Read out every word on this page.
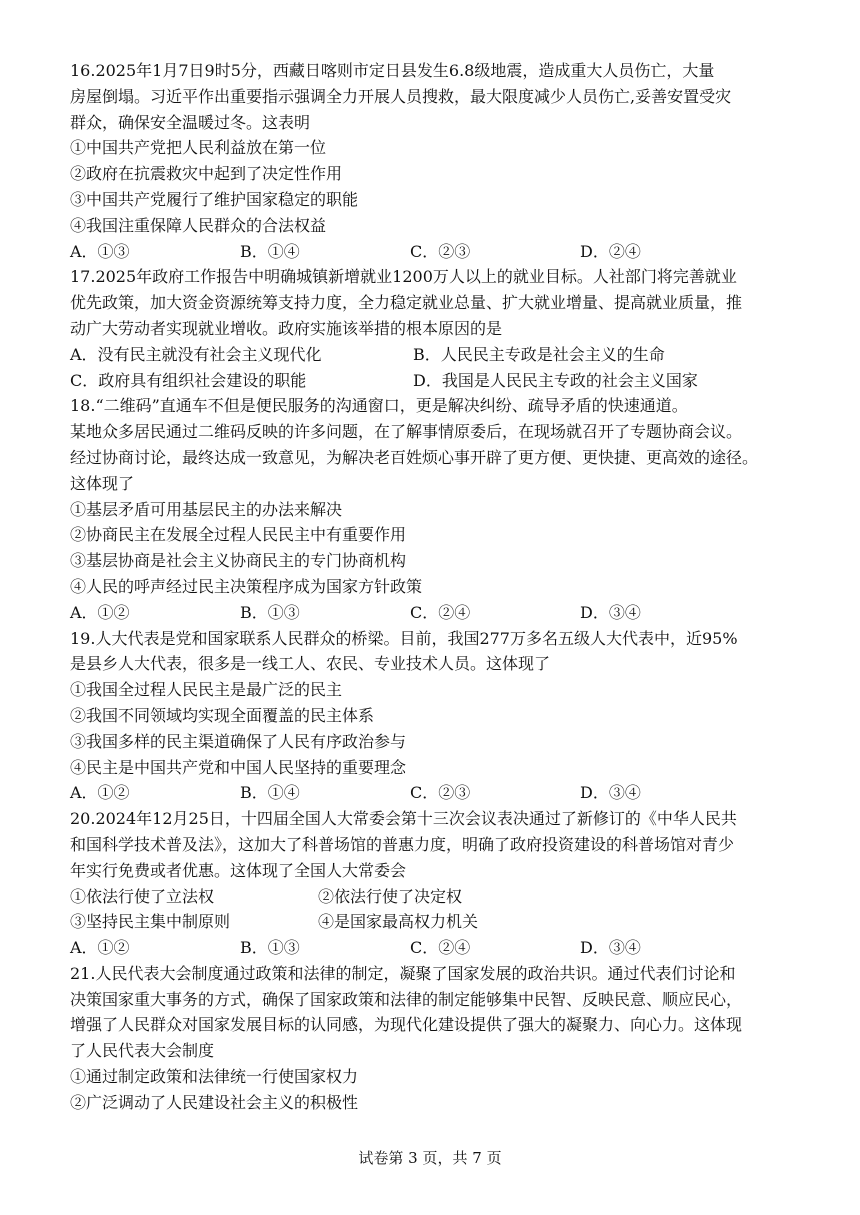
16.2025年1月7日9时5分，西藏日喀则市定日县发生6.8级地震，造成重大人员伤亡，大量
房屋倒塌。习近平作出重要指示强调全力开展人员搜救，最大限度减少人员伤亡,妥善安置受灾
群众，确保安全温暖过冬。这表明
①中国共产党把人民利益放在第一位
②政府在抗震救灾中起到了决定性作用
③中国共产党履行了维护国家稳定的职能
④我国注重保障人民群众的合法权益
A．①③	B．①④	C．②③	D．②④
17.2025年政府工作报告中明确城镇新增就业1200万人以上的就业目标。人社部门将完善就业
优先政策，加大资金资源统筹支持力度，全力稳定就业总量、扩大就业增量、提高就业质量，推
动广大劳动者实现就业增收。政府实施该举措的根本原因的是
A．没有民主就没有社会主义现代化	B．人民民主专政是社会主义的生命
C．政府具有组织社会建设的职能	D．我国是人民民主专政的社会主义国家
18.“二维码”直通车不但是便民服务的沟通窗口，更是解决纠纷、疏导矛盾的快速通道。
某地众多居民通过二维码反映的许多问题，在了解事情原委后，在现场就召开了专题协商会议。
经过协商讨论，最终达成一致意见，为解决老百姓烦心事开辟了更方便、更快捷、更高效的途径。
这体现了
①基层矛盾可用基层民主的办法来解决
②协商民主在发展全过程人民民主中有重要作用
③基层协商是社会主义协商民主的专门协商机构
④人民的呼声经过民主决策程序成为国家方针政策
A．①②	B．①③	C．②④	D．③④
19.人大代表是党和国家联系人民群众的桥梁。目前，我国277万多名五级人大代表中，近95%
是县乡人大代表，很多是一线工人、农民、专业技术人员。这体现了
①我国全过程人民民主是最广泛的民主
②我国不同领域均实现全面覆盖的民主体系
③我国多样的民主渠道确保了人民有序政治参与
④民主是中国共产党和中国人民坚持的重要理念
A．①②	B．①④	C．②③	D．③④
20.2024年12月25日，十四届全国人大常委会第十三次会议表决通过了新修订的《中华人民共
和国科学技术普及法》，这加大了科普场馆的普惠力度，明确了政府投资建设的科普场馆对青少
年实行免费或者优惠。这体现了全国人大常委会
①依法行使了立法权	②依法行使了决定权
③坚持民主集中制原则	④是国家最高权力机关
A．①②	B．①③	C．②④	D．③④
21.人民代表大会制度通过政策和法律的制定，凝聚了国家发展的政治共识。通过代表们讨论和
决策国家重大事务的方式，确保了国家政策和法律的制定能够集中民智、反映民意、顺应民心，
增强了人民群众对国家发展目标的认同感，为现代化建设提供了强大的凝聚力、向心力。这体现
了人民代表大会制度
①通过制定政策和法律统一行使国家权力
②广泛调动了人民建设社会主义的积极性
试卷第 3 页，共 7 页
